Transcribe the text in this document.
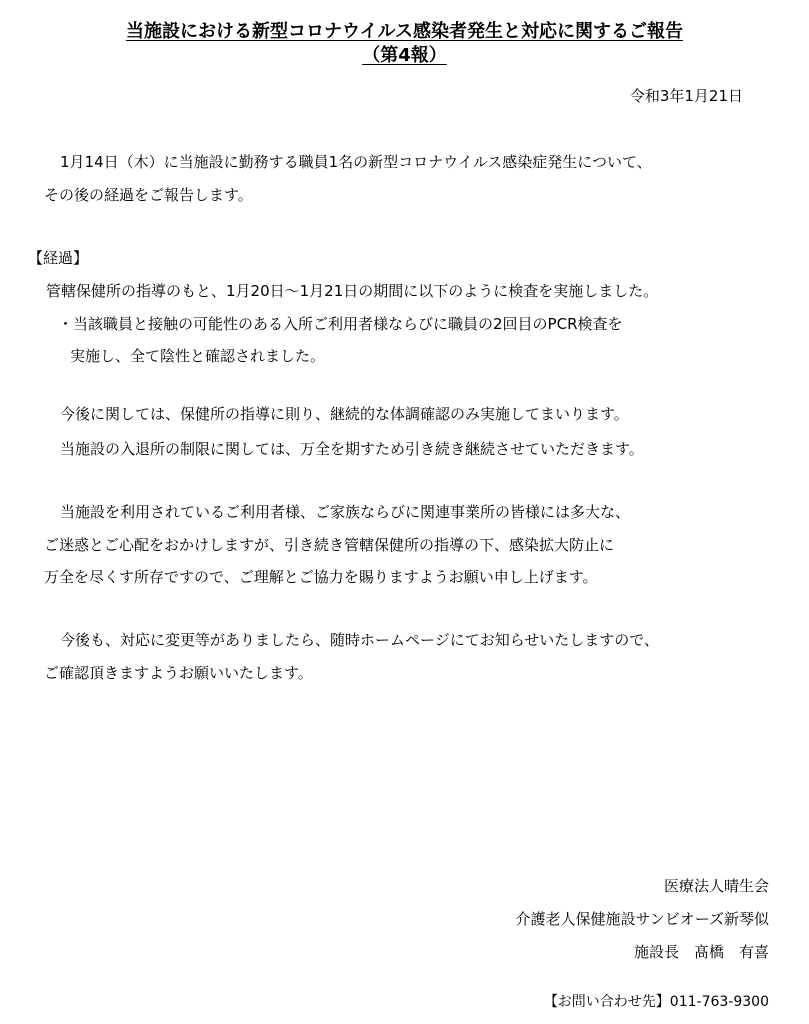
当施設における新型コロナウイルス感染者発生と対応に関するご報告
（第4報）
令和3年1月21日
1月14日（木）に当施設に勤務する職員1名の新型コロナウイルス感染症発生について、
その後の経過をご報告します。
【経過】
管轄保健所の指導のもと、1月20日〜1月21日の期間に以下のように検査を実施しました。
・当該職員と接触の可能性のある入所ご利用者様ならびに職員の2回目のPCR検査を
実施し、全て陰性と確認されました。
今後に関しては、保健所の指導に則り、継続的な体調確認のみ実施してまいります。
当施設の入退所の制限に関しては、万全を期すため引き続き継続させていただきます。
当施設を利用されているご利用者様、ご家族ならびに関連事業所の皆様には多大な、
ご迷惑とご心配をおかけしますが、引き続き管轄保健所の指導の下、感染拡大防止に
万全を尽くす所存ですので、ご理解とご協力を賜りますようお願い申し上げます。
今後も、対応に変更等がありましたら、随時ホームページにてお知らせいたしますので、
ご確認頂きますようお願いいたします。
医療法人晴生会
介護老人保健施設サンビオーズ新琴似
施設長　髙橋　有喜
【お問い合わせ先】011-763-9300
